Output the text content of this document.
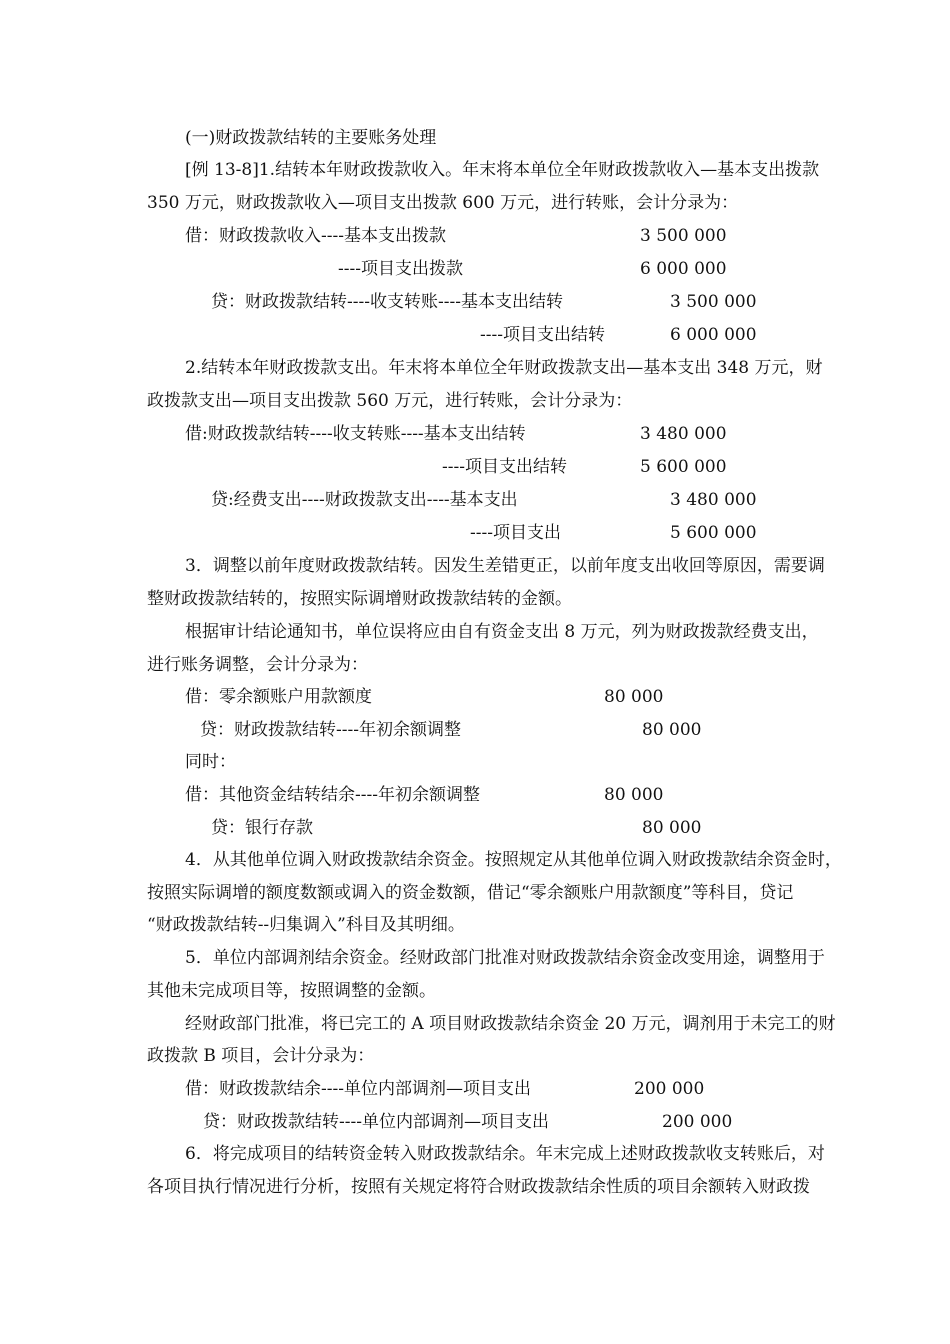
(一)财政拨款结转的主要账务处理
[例 13-8]1.结转本年财政拨款收入。年末将本单位全年财政拨款收入—基本支出拨款
350 万元，财政拨款收入—项目支出拨款 600 万元，进行转账，会计分录为：
借：财政拨款收入----基本支出拨款	3 500 000
----项目支出拨款	6 000 000
贷：财政拨款结转----收支转账----基本支出结转	3 500 000
----项目支出结转	6 000 000
2.结转本年财政拨款支出。年末将本单位全年财政拨款支出—基本支出 348 万元，财
政拨款支出—项目支出拨款 560 万元，进行转账，会计分录为：
借:财政拨款结转----收支转账----基本支出结转	3 480 000
----项目支出结转	5 600 000
贷:经费支出----财政拨款支出----基本支出	3 480 000
----项目支出	5 600 000
3．调整以前年度财政拨款结转。因发生差错更正，以前年度支出收回等原因，需要调
整财政拨款结转的，按照实际调增财政拨款结转的金额。
根据审计结论通知书，单位误将应由自有资金支出 8 万元，列为财政拨款经费支出，
进行账务调整，会计分录为：
借：零余额账户用款额度	80 000
贷：财政拨款结转----年初余额调整	80 000
同时：
借：其他资金结转结余----年初余额调整	80 000
贷：银行存款	80 000
4．从其他单位调入财政拨款结余资金。按照规定从其他单位调入财政拨款结余资金时，
按照实际调增的额度数额或调入的资金数额，借记“零余额账户用款额度”等科目，贷记
“财政拨款结转--归集调入”科目及其明细。
5．单位内部调剂结余资金。经财政部门批准对财政拨款结余资金改变用途，调整用于
其他未完成项目等，按照调整的金额。
经财政部门批准，将已完工的 A 项目财政拨款结余资金 20 万元，调剂用于未完工的财
政拨款 B 项目，会计分录为：
借：财政拨款结余----单位内部调剂—项目支出	200 000
贷：财政拨款结转----单位内部调剂—项目支出	200 000
6．将完成项目的结转资金转入财政拨款结余。年末完成上述财政拨款收支转账后，对
各项目执行情况进行分析，按照有关规定将符合财政拨款结余性质的项目余额转入财政拨
